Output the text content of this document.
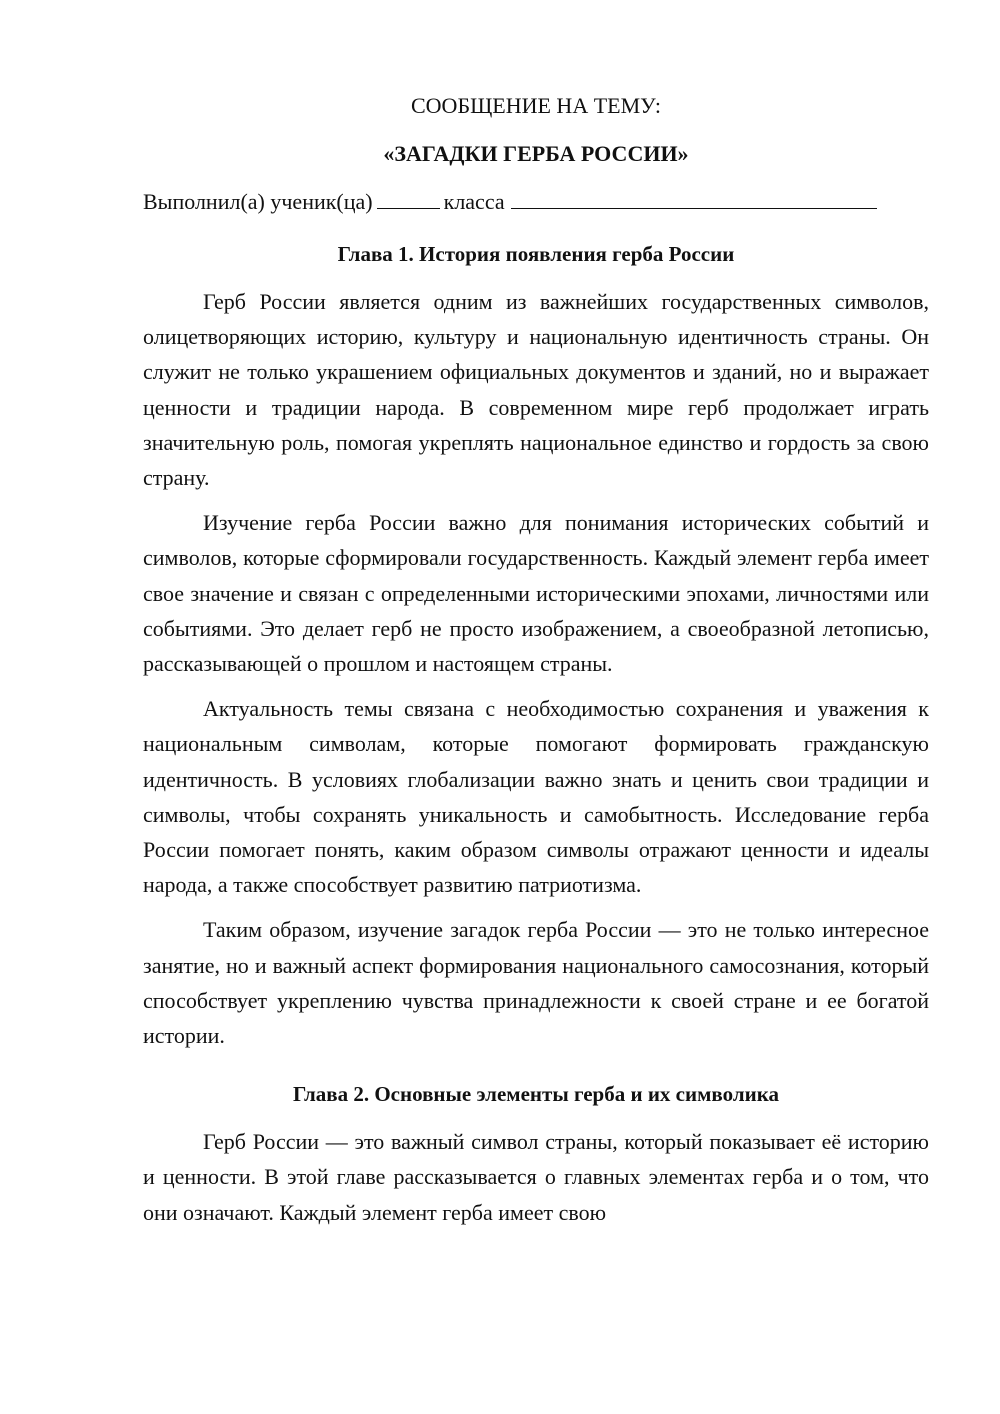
СООБЩЕНИЕ НА ТЕМУ:

«ЗАГАДКИ ГЕРБА РОССИИ»

Выполнил(а) ученик(ца)	класса
Глава 1. История появления герба России

Герб России является одним из важнейших государственных символов, олицетворяющих историю, культуру и национальную идентичность страны. Он служит не только украшением официальных документов и зданий, но и выражает ценности и традиции народа. В современном мире герб продолжает играть значительную роль, помогая укреплять национальное единство и гордость за свою страну.

Изучение герба России важно для понимания исторических событий и символов, которые сформировали государственность. Каждый элемент герба имеет свое значение и связан с определенными историческими эпохами, личностями или событиями. Это делает герб не просто изображением, а своеобразной летописью, рассказывающей о прошлом и настоящем страны.

Актуальность темы связана с необходимостью сохранения и уважения к национальным символам, которые помогают формировать гражданскую идентичность. В условиях глобализации важно знать и ценить свои традиции и символы, чтобы сохранять уникальность и самобытность. Исследование герба России помогает понять, каким образом символы отражают ценности и идеалы народа, а также способствует развитию патриотизма.

Таким образом, изучение загадок герба России — это не только интересное занятие, но и важный аспект формирования национального самосознания, который способствует укреплению чувства принадлежности к своей стране и ее богатой истории.

Глава 2. Основные элементы герба и их символика

Герб России — это важный символ страны, который показывает её историю и ценности. В этой главе рассказывается о главных элементах герба и о том, что они означают. Каждый элемент герба имеет свою
